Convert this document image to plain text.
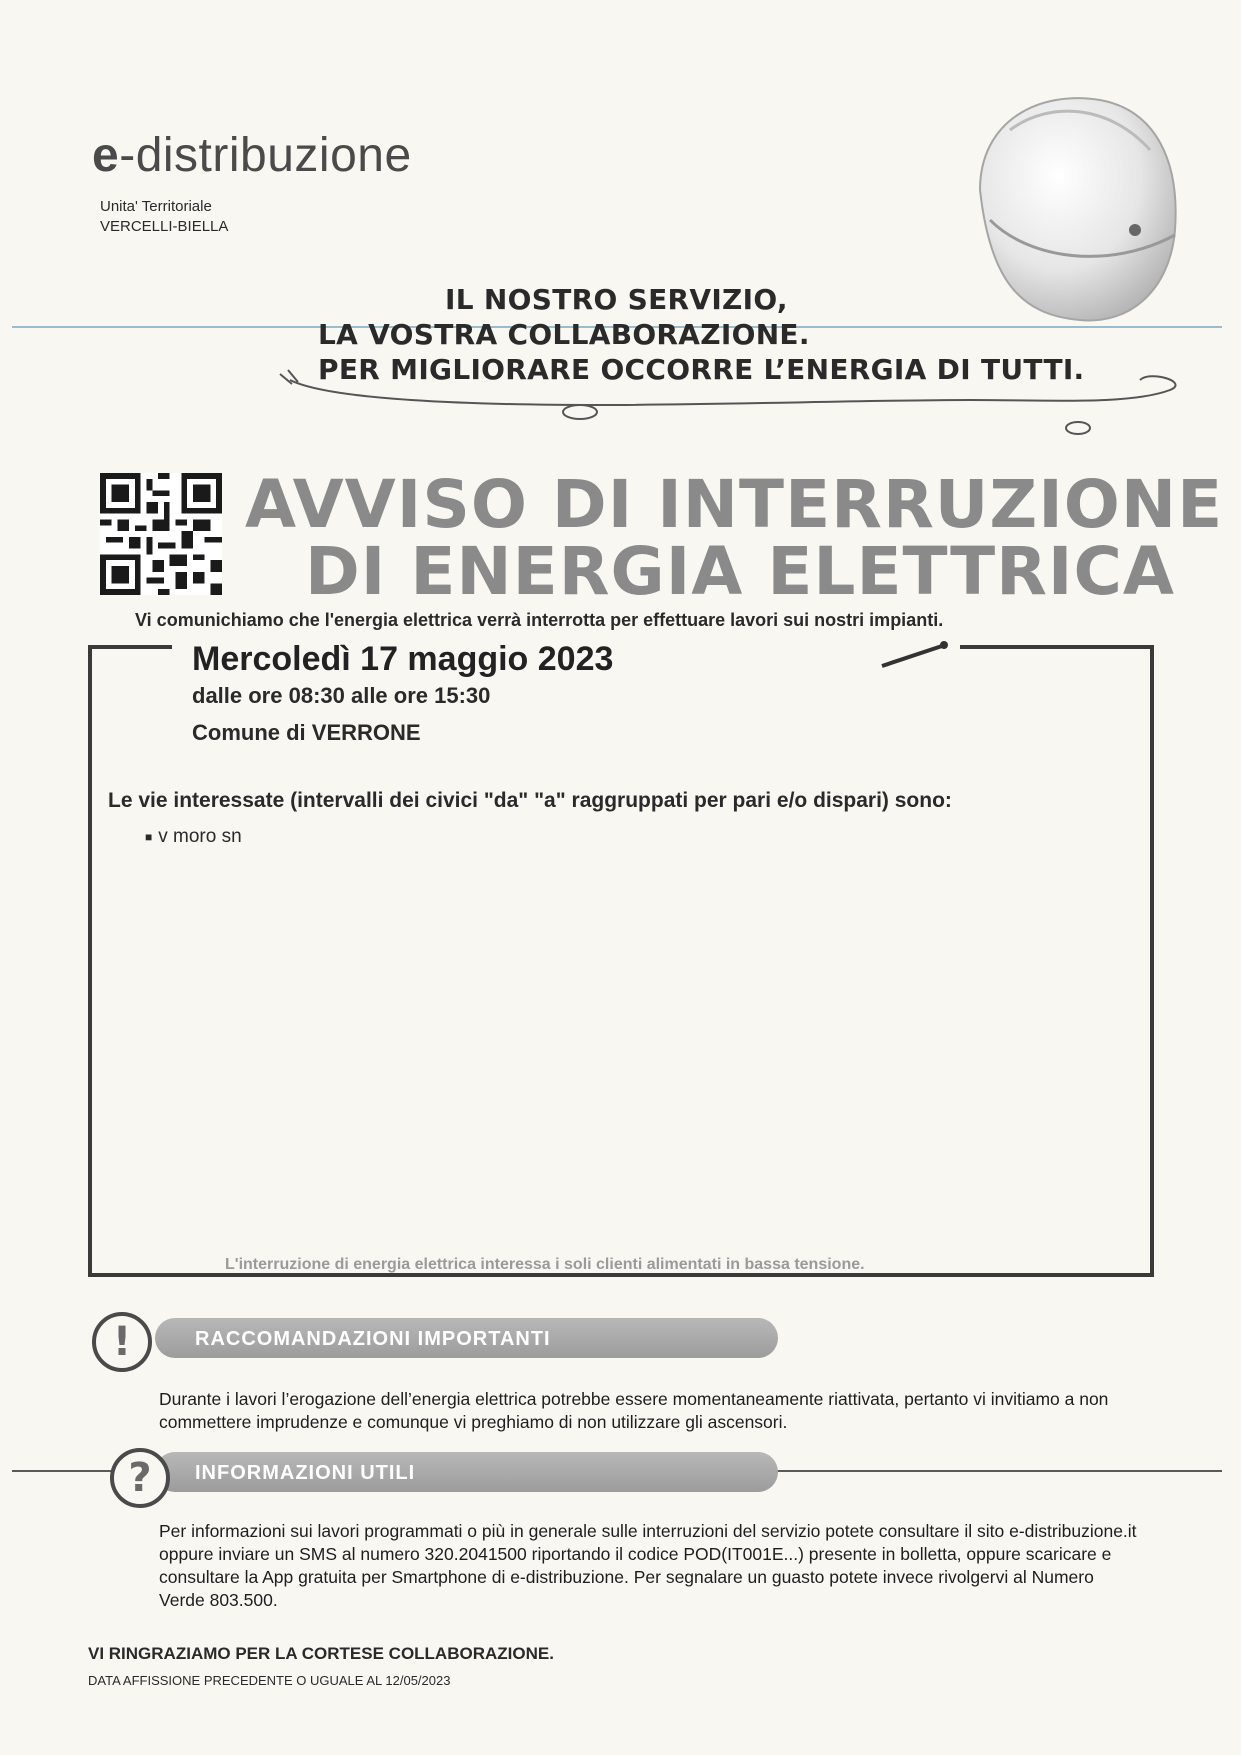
e-distribuzione
Unita' Territoriale
VERCELLI-BIELLA
IL NOSTRO SERVIZIO,
LA VOSTRA COLLABORAZIONE.
PER MIGLIORARE OCCORRE L’ENERGIA DI TUTTI.
AVVISO DI INTERRUZIONE
DI ENERGIA ELETTRICA
Vi comunichiamo che l'energia elettrica verrà interrotta per effettuare lavori sui nostri impianti.
Mercoledì 17 maggio 2023
dalle ore 08:30 alle ore 15:30
Comune di VERRONE
Le vie interessate (intervalli dei civici "da" "a" raggruppati per pari e/o dispari) sono:
■ v moro sn
L'interruzione di energia elettrica interessa i soli clienti alimentati in bassa tensione.
!	RACCOMANDAZIONI IMPORTANTI
Durante i lavori l’erogazione dell’energia elettrica potrebbe essere momentaneamente riattivata, pertanto vi invitiamo a non commettere imprudenze e comunque vi preghiamo di non utilizzare gli ascensori.
?	INFORMAZIONI UTILI
Per informazioni sui lavori programmati o più in generale sulle interruzioni del servizio potete consultare il sito e-distribuzione.it oppure inviare un SMS al numero 320.2041500 riportando il codice POD(IT001E...) presente in bolletta, oppure scaricare e consultare la App gratuita per Smartphone di e-distribuzione. Per segnalare un guasto potete invece rivolgervi al Numero Verde 803.500.
VI RINGRAZIAMO PER LA CORTESE COLLABORAZIONE.
DATA AFFISSIONE PRECEDENTE O UGUALE AL 12/05/2023
